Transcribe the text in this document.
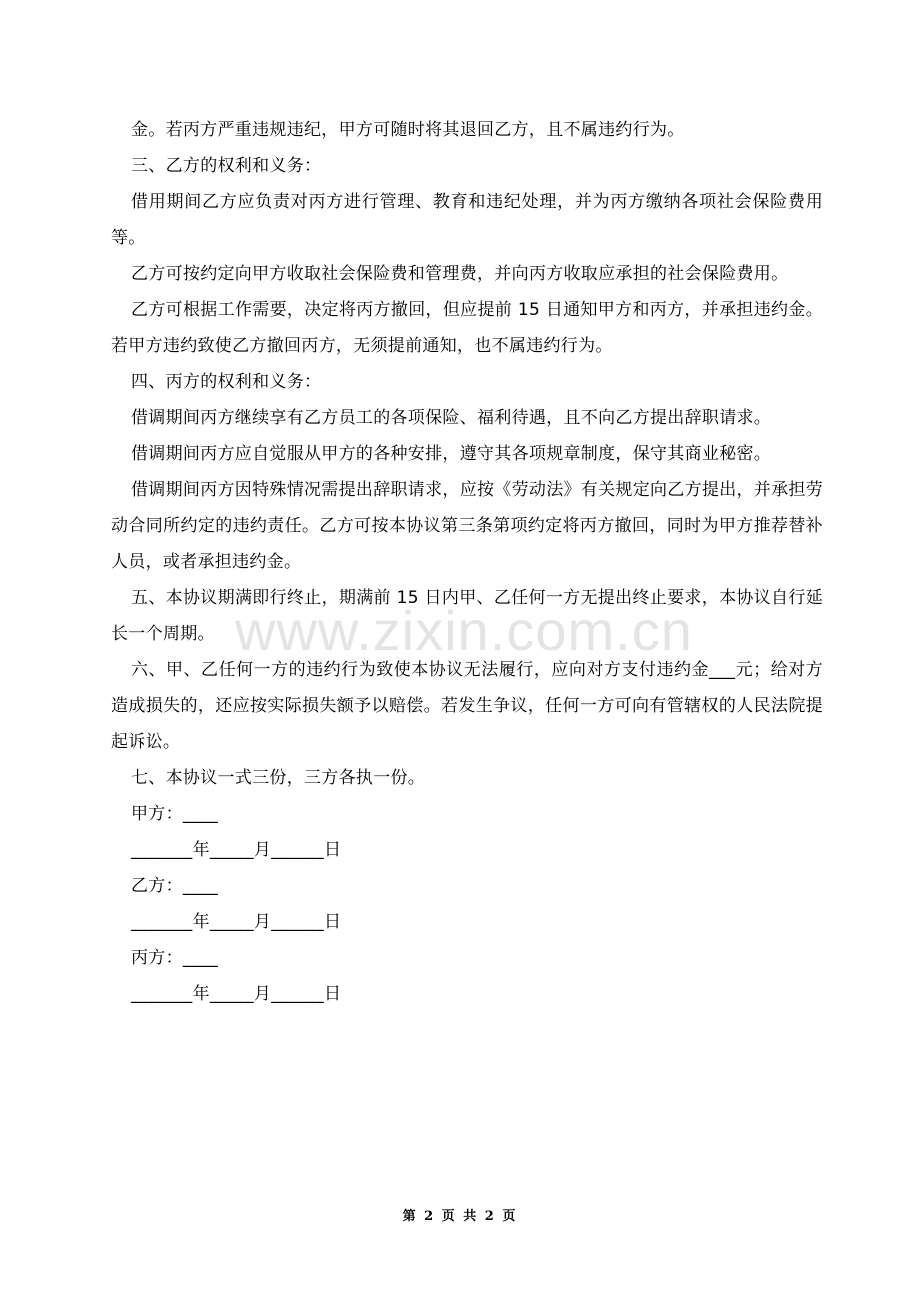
金。若丙方严重违规违纪，甲方可随时将其退回乙方，且不属违约行为。

三、乙方的权利和义务：

借用期间乙方应负责对丙方进行管理、教育和违纪处理，并为丙方缴纳各项社会保险费用等。

乙方可按约定向甲方收取社会保险费和管理费，并向丙方收取应承担的社会保险费用。

乙方可根据工作需要，决定将丙方撤回，但应提前 15 日通知甲方和丙方，并承担违约金。若甲方违约致使乙方撤回丙方，无须提前通知，也不属违约行为。

四、丙方的权利和义务：

借调期间丙方继续享有乙方员工的各项保险、福利待遇，且不向乙方提出辞职请求。

借调期间丙方应自觉服从甲方的各种安排，遵守其各项规章制度，保守其商业秘密。

借调期间丙方因特殊情况需提出辞职请求，应按《劳动法》有关规定向乙方提出，并承担劳动合同所约定的违约责任。乙方可按本协议第三条第项约定将丙方撤回，同时为甲方推荐替补人员，或者承担违约金。

五、本协议期满即行终止，期满前 15 日内甲、乙任何一方无提出终止要求，本协议自行延长一个周期。

六、甲、乙任何一方的违约行为致使本协议无法履行，应向对方支付违约金___元；给对方造成损失的，还应按实际损失额予以赔偿。若发生争议，任何一方可向有管辖权的人民法院提起诉讼。

七、本协议一式三份，三方各执一份。

甲方：____

_______年_____月______日

乙方：____

_______年_____月______日

丙方：____

_______年_____月______日

www.zixin.com.cn
第 2 页 共 2 页
